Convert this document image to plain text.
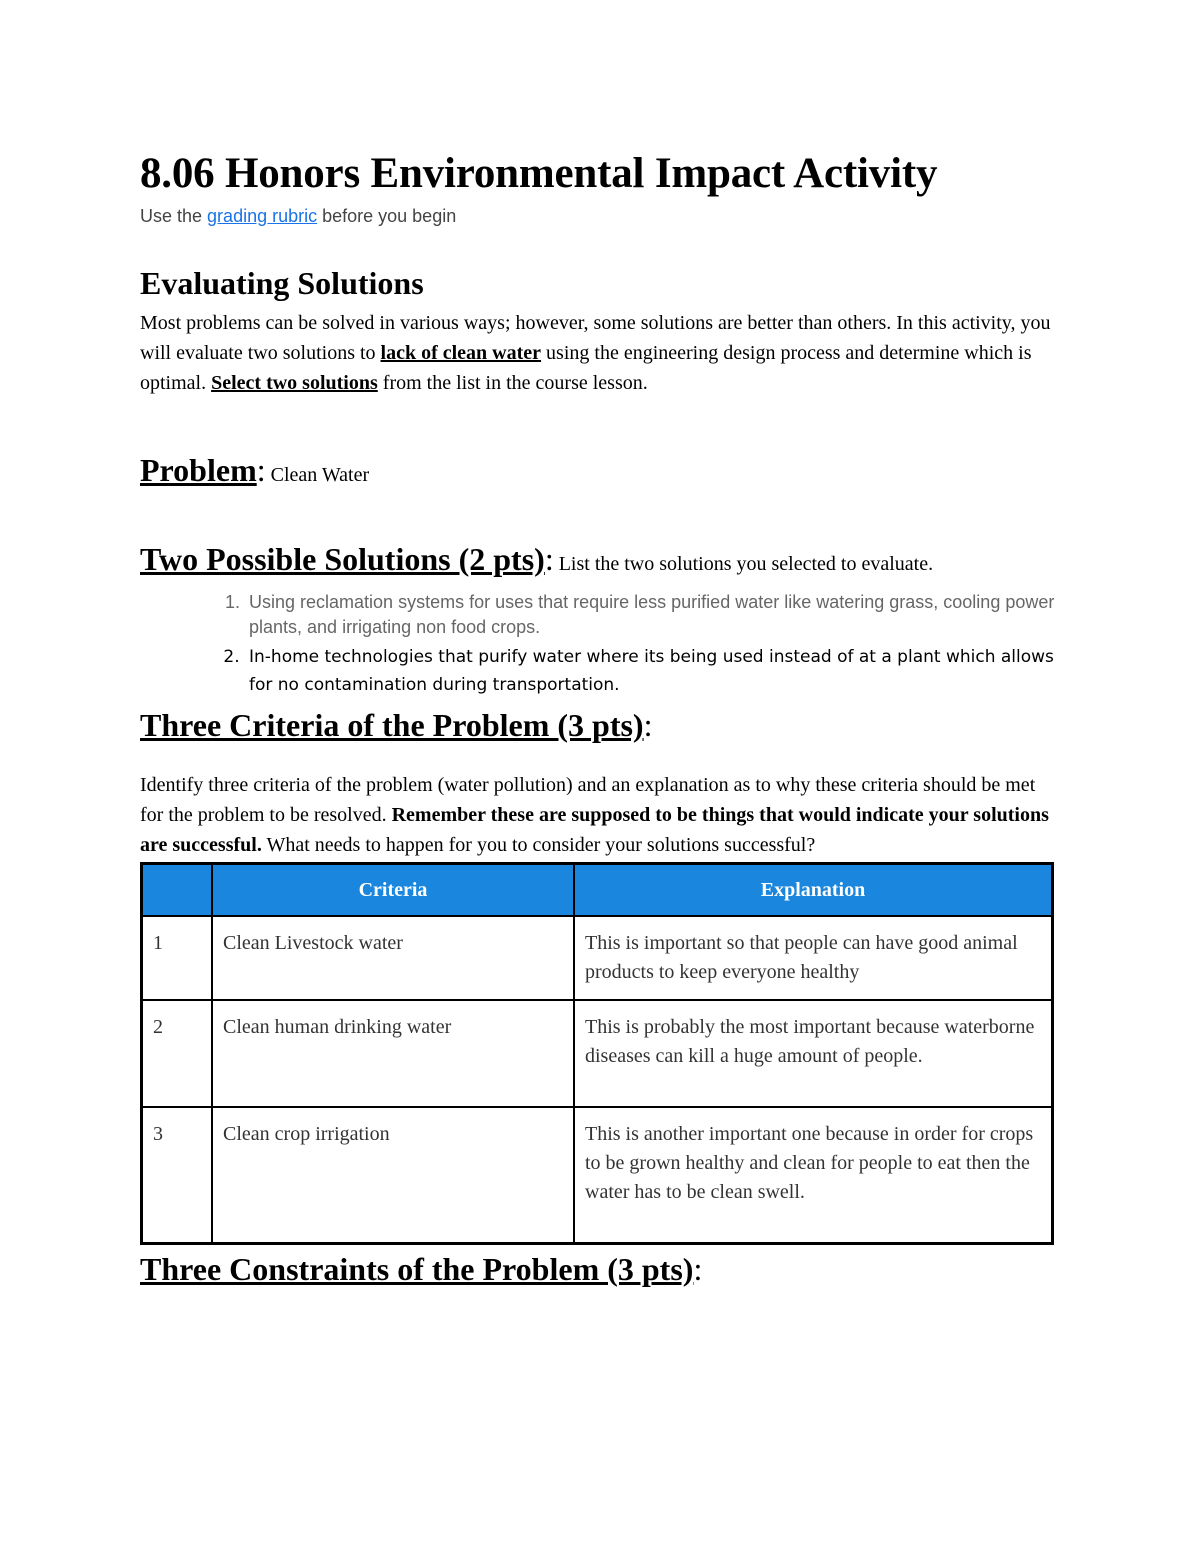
8.06 Honors Environmental Impact Activity
Use the grading rubric before you begin
Evaluating Solutions

Most problems can be solved in various ways; however, some solutions are better than others. In this activity, you will evaluate two solutions to lack of clean water using the engineering design process and determine which is optimal. Select two solutions from the list in the course lesson.

Problem: Clean Water
Two Possible Solutions (2 pts): List the two solutions you selected to evaluate.
1. Using reclamation systems for uses that require less purified water like watering grass, cooling power plants, and irrigating non food crops.
2. In-home technologies that purify water where its being used instead of at a plant which allows for no contamination during transportation.
Three Criteria of the Problem (3 pts):

Identify three criteria of the problem (water pollution) and an explanation as to why these criteria should be met for the problem to be resolved. Remember these are supposed to be things that would indicate your solutions are successful. What needs to happen for you to consider your solutions successful?

	Criteria	Explanation
1	Clean Livestock water	This is important so that people can have good animal products to keep everyone healthy
2	Clean human drinking water	This is probably the most important because waterborne diseases can kill a huge amount of people.
3	Clean crop irrigation	This is another important one because in order for crops to be grown healthy and clean for people to eat then the water has to be clean swell.
Three Constraints of the Problem (3 pts):
